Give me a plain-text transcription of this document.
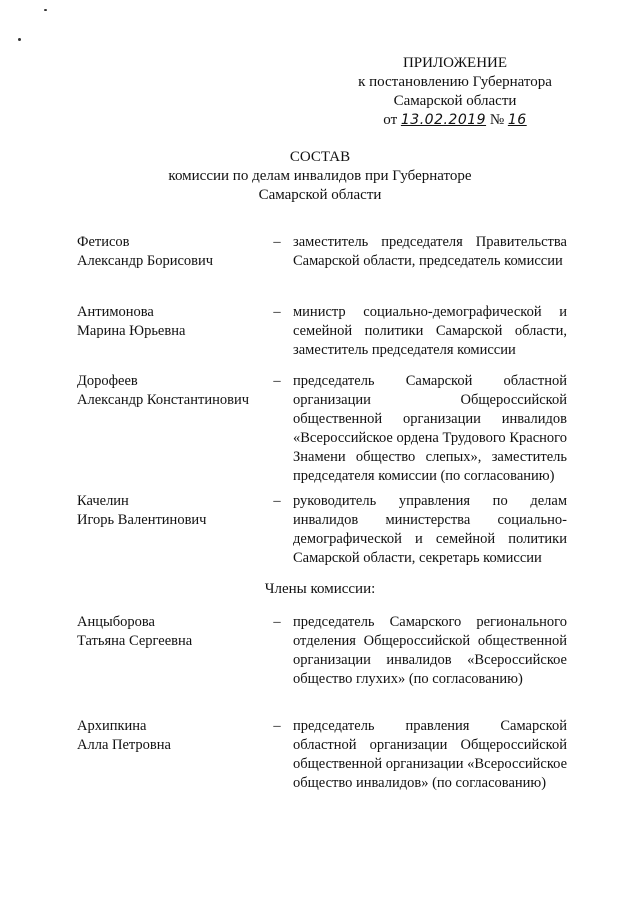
ПРИЛОЖЕНИЕ
к постановлению Губернатора
Самарской области
от 13.02.2019 № 16
СОСТАВ
комиссии по делам инвалидов при Губернаторе
Самарской области
Фетисов
Александр Борисович
– заместитель председателя Правительства Самарской области, председатель комиссии
Антимонова
Марина Юрьевна
– министр социально-демографической и семейной политики Самарской области, заместитель председателя комиссии
Дорофеев
Александр Константинович
– председатель Самарской областной организации Общероссийской общественной организации инвалидов «Всероссийское ордена Трудового Красного Знамени общество слепых», заместитель председателя комиссии (по согласованию)
Качелин
Игорь Валентинович
– руководитель управления по делам инвалидов министерства социально-демографической и семейной политики Самарской области, секретарь комиссии
Члены комиссии:
Анцыборова
Татьяна Сергеевна
– председатель Самарского регионального отделения Общероссийской общественной организации инвалидов «Всероссийское общество глухих» (по согласованию)
Архипкина
Алла Петровна
– председатель правления Самарской областной организации Общероссийской общественной организации «Всероссийское общество инвалидов» (по согласованию)
